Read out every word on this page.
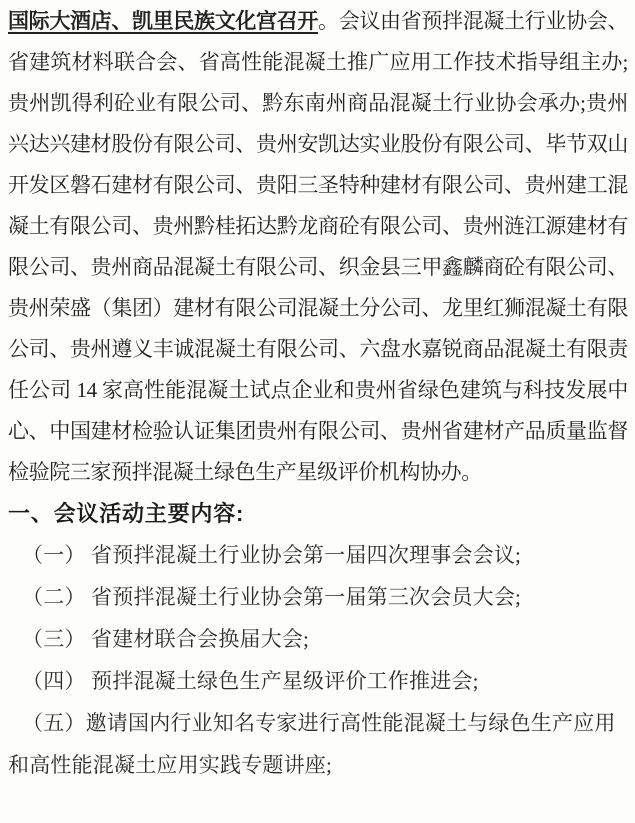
国际大酒店、凯里民族文化宫召开。会议由省预拌混凝土行业协会、省建筑材料联合会、省高性能混凝土推广应用工作技术指导组主办;贵州凯得利砼业有限公司、黔东南州商品混凝土行业协会承办;贵州兴达兴建材股份有限公司、贵州安凯达实业股份有限公司、毕节双山开发区磐石建材有限公司、贵阳三圣特种建材有限公司、贵州建工混凝土有限公司、贵州黔桂拓达黔龙商砼有限公司、贵州涟江源建材有限公司、贵州商品混凝土有限公司、织金县三甲鑫麟商砼有限公司、贵州荣盛（集团）建材有限公司混凝土分公司、龙里红狮混凝土有限公司、贵州遵义丰诚混凝土有限公司、六盘水嘉锐商品混凝土有限责任公司 14 家高性能混凝土试点企业和贵州省绿色建筑与科技发展中心、中国建材检验认证集团贵州有限公司、贵州省建材产品质量监督检验院三家预拌混凝土绿色生产星级评价机构协办。

一、会议活动主要内容:
（一） 省预拌混凝土行业协会第一届四次理事会会议;
（二） 省预拌混凝土行业协会第一届第三次会员大会;
（三） 省建材联合会换届大会;
（四） 预拌混凝土绿色生产星级评价工作推进会;
（五）邀请国内行业知名专家进行高性能混凝土与绿色生产应用和高性能混凝土应用实践专题讲座;
